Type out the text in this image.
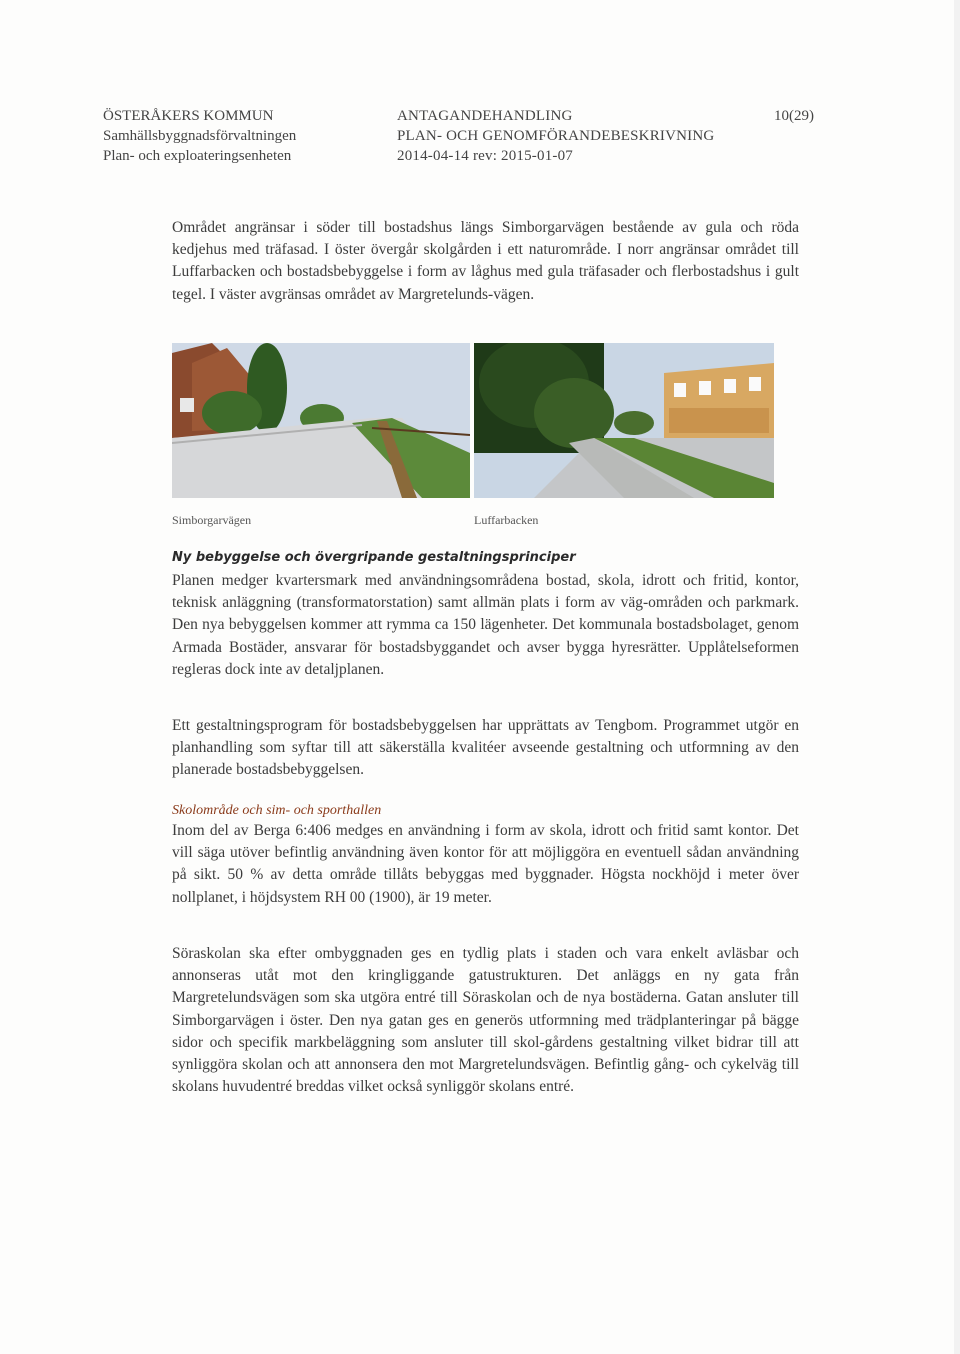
ÖSTERÅKERS KOMMUN
Samhällsbyggnadsförvaltningen
Plan- och exploateringsenheten
ANTAGANDEHANDLING
PLAN- OCH GENOMFÖRANDEBESKRIVNING
2014-04-14 rev: 2015-01-07
10(29)

Området angränsar i söder till bostadshus längs Simborgarvägen bestående av gula och röda kedjehus med träfasad. I öster övergår skolgården i ett naturområde. I norr angränsar området till Luffarbacken och bostadsbebyggelse i form av låghus med gula träfasader och flerbostadshus i gult tegel. I väster avgränsas området av Margretelunds-vägen.

Simborgarvägen	Luffarbacken
Ny bebyggelse och övergripande gestaltningsprinciper

Planen medger kvartersmark med användningsområdena bostad, skola, idrott och fritid, kontor, teknisk anläggning (transformatorstation) samt allmän plats i form av väg-områden och parkmark. Den nya bebyggelsen kommer att rymma ca 150 lägenheter. Det kommunala bostadsbolaget, genom Armada Bostäder, ansvarar för bostadsbyggandet och avser bygga hyresrätter. Upplåtelseformen regleras dock inte av detaljplanen.

Ett gestaltningsprogram för bostadsbebyggelsen har upprättats av Tengbom. Programmet utgör en planhandling som syftar till att säkerställa kvalitéer avseende gestaltning och utformning av den planerade bostadsbebyggelsen.

Skolområde och sim- och sporthallen

Inom del av Berga 6:406 medges en användning i form av skola, idrott och fritid samt kontor. Det vill säga utöver befintlig användning även kontor för att möjliggöra en eventuell sådan användning på sikt. 50 % av detta område tillåts bebyggas med byggnader. Högsta nockhöjd i meter över nollplanet, i höjdsystem RH 00 (1900), är 19 meter.

Söraskolan ska efter ombyggnaden ges en tydlig plats i staden och vara enkelt avläsbar och annonseras utåt mot den kringliggande gatustrukturen. Det anläggs en ny gata från Margretelundsvägen som ska utgöra entré till Söraskolan och de nya bostäderna. Gatan ansluter till Simborgarvägen i öster. Den nya gatan ges en generös utformning med trädplanteringar på bägge sidor och specifik markbeläggning som ansluter till skol-gårdens gestaltning vilket bidrar till att synliggöra skolan och att annonsera den mot Margretelundsvägen. Befintlig gång- och cykelväg till skolans huvudentré breddas vilket också synliggör skolans entré.
